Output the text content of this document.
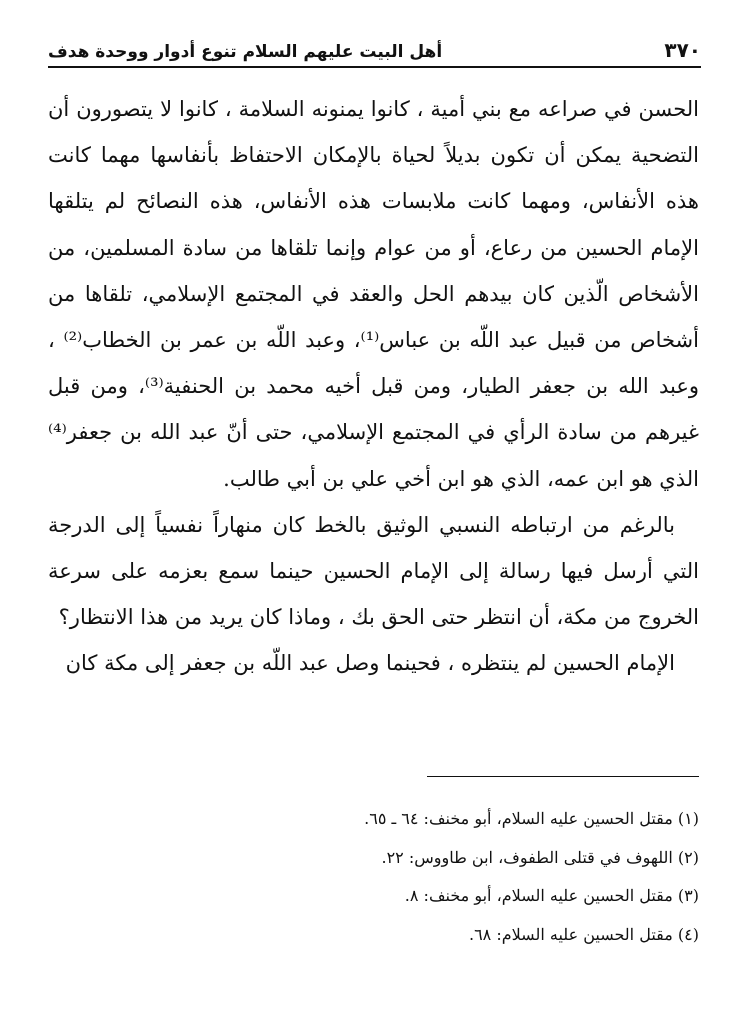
أهل البيت عليهم السلام تنوع أدوار ووحدة هدف	٣٧٠

الحسن في صراعه مع بني أمية ، كانوا يمنونه السلامة ، كانوا لا يتصورون أن التضحية يمكن أن تكون بديلاً لحياة بالإمكان الاحتفاظ بأنفاسها مهما كانت هذه الأنفاس، ومهما كانت ملابسات هذه الأنفاس، هذه النصائح لم يتلقها الإمام الحسين من رعاع، أو من عوام وإنما تلقاها من سادة المسلمين، من الأشخاص الّذين كان بيدهم الحل والعقد في المجتمع الإسلامي، تلقاها من أشخاص من قبيل عبد اللّه بن عباس⁽¹⁾، وعبد اللّه بن عمر بن الخطاب⁽²⁾ ، وعبد الله بن جعفر الطيار، ومن قبل أخيه محمد بن الحنفية⁽³⁾، ومن قبل غيرهم من سادة الرأي في المجتمع الإسلامي، حتى أنّ عبد الله بن جعفر⁽⁴⁾ الذي هو ابن عمه، الذي هو ابن أخي علي بن أبي طالب.

بالرغم من ارتباطه النسبي الوثيق بالخط كان منهاراً نفسياً إلى الدرجة التي أرسل فيها رسالة إلى الإمام الحسين حينما سمع بعزمه على سرعة الخروج من مكة، أن انتظر حتى الحق بك ، وماذا كان يريد من هذا الانتظار؟

الإمام الحسين لم ينتظره ، فحينما وصل عبد اللّه بن جعفر إلى مكة كان

(١) مقتل الحسين عليه السلام، أبو مخنف: ٦٤ ـ ٦٥.

(٢) اللهوف في قتلى الطفوف، ابن طاووس: ٢٢.

(٣) مقتل الحسين عليه السلام، أبو مخنف: ٨.

(٤) مقتل الحسين عليه السلام: ٦٨.
